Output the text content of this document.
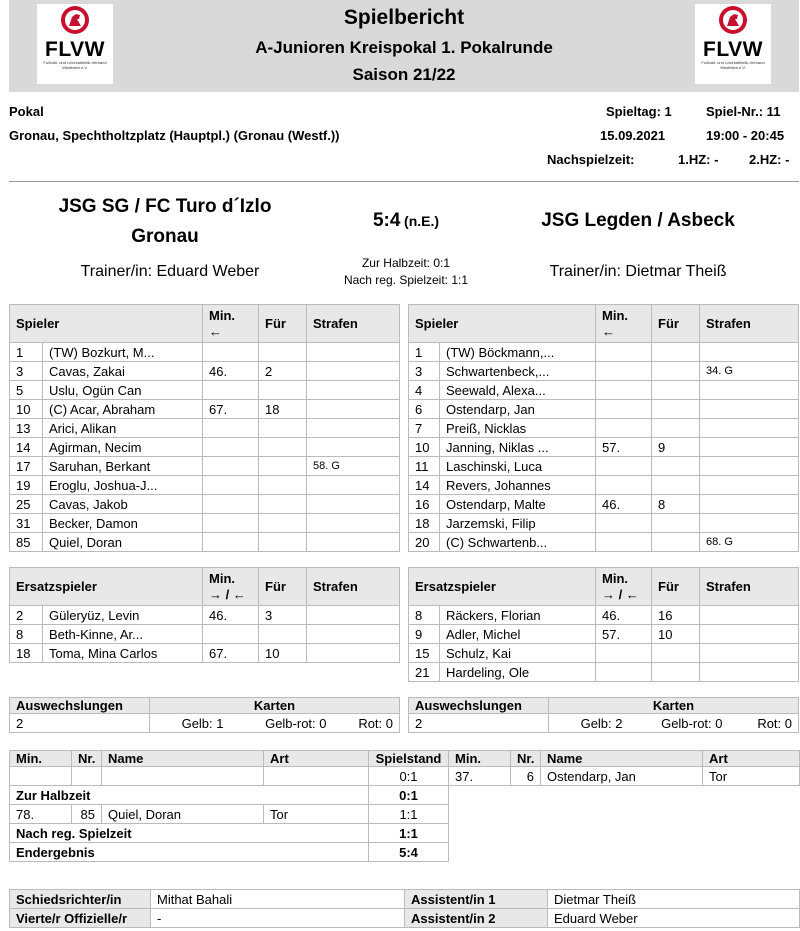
FLVW
Fußball- und Leichtathletik-Verband Westfalen e.V.
Spielbericht
A-Junioren Kreispokal 1. Pokalrunde
Saison 21/22
FLVW
Fußball- und Leichtathletik-Verband Westfalen e.V.
Pokal
Gronau, Spechtholtzplatz (Hauptpl.) (Gronau (Westf.))
Spieltag: 1	Spiel-Nr.: 11
15.09.2021	19:00 - 20:45
Nachspielzeit:	1.HZ: - 2.HZ: -
JSG SG / FC Turo d´Izlo
Gronau
JSG Legden / Asbeck
5:4 (n.E.)
Zur Halbzeit: 0:1
Nach reg. Spielzeit: 1:1
Trainer/in: Eduard Weber	Trainer/in: Dietmar Theiß
Spieler		Min.
←	Für	Strafen
1	(TW) Bozkurt, M...			
3	Cavas, Zakai	46.	2	
5	Uslu, Ogün Can			
10	(C) Acar, Abraham	67.	18	
13	Arici, Alikan			
14	Agirman, Necim			
17	Saruhan, Berkant			58. G
19	Eroglu, Joshua-J...			
25	Cavas, Jakob			
31	Becker, Damon			
85	Quiel, Doran			
Spieler		Min.
←	Für	Strafen
1	(TW) Böckmann,...			
3	Schwartenbeck,...			34. G
4	Seewald, Alexa...			
6	Ostendarp, Jan			
7	Preiß, Nicklas			
10	Janning, Niklas ...	57.	9	
11	Laschinski, Luca			
14	Revers, Johannes			
16	Ostendarp, Malte	46.	8	
18	Jarzemski, Filip			
20	(C) Schwartenb...			68. G
Ersatzspieler		Min.
→ / ←	Für	Strafen
2	Güleryüz, Levin	46.	3	
8	Beth-Kinne, Ar...			
18	Toma, Mina Carlos	67.	10	
Ersatzspieler		Min.
→ / ←	Für	Strafen
8	Räckers, Florian	46.	16	
9	Adler, Michel	57.	10	
15	Schulz, Kai			
21	Hardeling, Ole			
Auswechslungen	Karten		
2	Gelb: 1	Gelb-rot: 0	Rot: 0
Auswechslungen	Karten		
2	Gelb: 2	Gelb-rot: 0	Rot: 0
Min.	Nr.	Name	Art	Spielstand	Min.	Nr.	Name	Art
				0:1	37.	6	Ostendarp, Jan	Tor
Zur Halbzeit				0:1				
78.	85	Quiel, Doran	Tor	1:1				
Nach reg. Spielzeit				1:1				
Endergebnis				5:4				
Schiedsrichter/in	Mithat Bahali	Assistent/in 1	Dietmar Theiß
Vierte/r Offizielle/r	-	Assistent/in 2	Eduard Weber
